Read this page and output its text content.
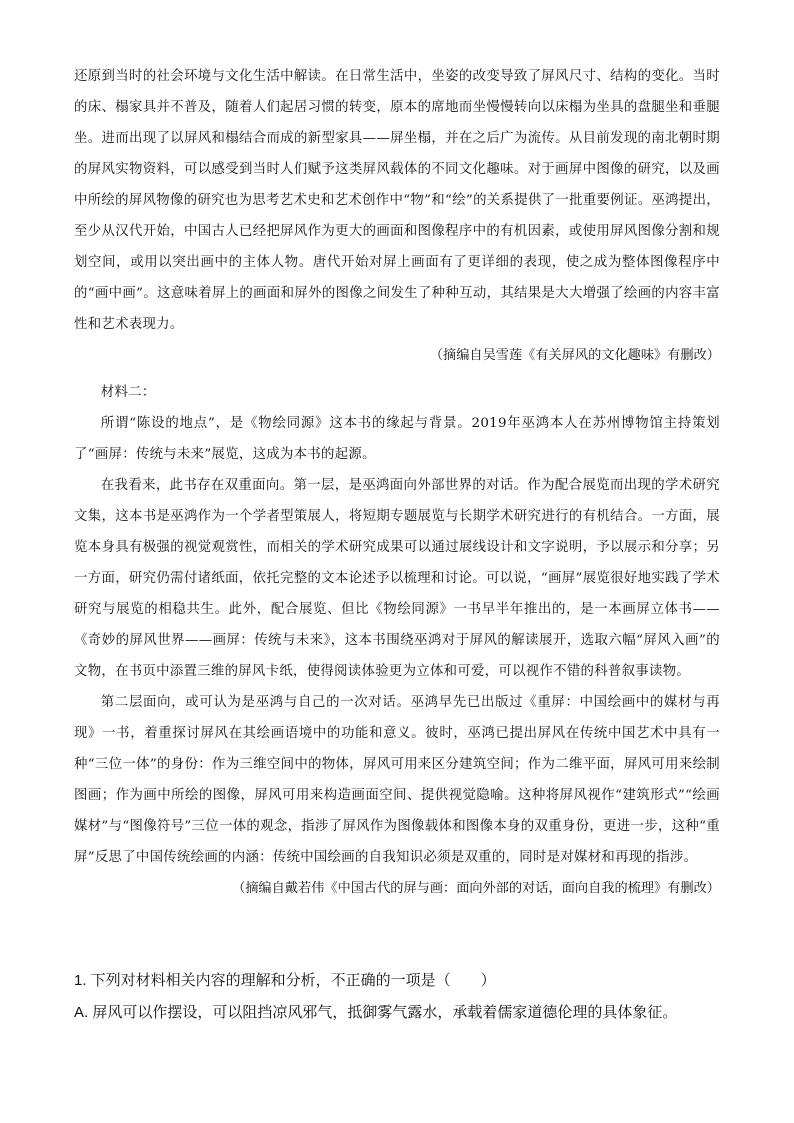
还原到当时的社会环境与文化生活中解读。在日常生活中，坐姿的改变导致了屏风尺寸、结构的变化。当时的床、榻家具并不普及，随着人们起居习惯的转变，原本的席地而坐慢慢转向以床榻为坐具的盘腿坐和垂腿坐。进而出现了以屏风和榻结合而成的新型家具——屏坐榻，并在之后广为流传。从目前发现的南北朝时期的屏风实物资料，可以感受到当时人们赋予这类屏风载体的不同文化趣味。对于画屏中图像的研究，以及画中所绘的屏风物像的研究也为思考艺术史和艺术创作中“物”和“绘”的关系提供了一批重要例证。巫鸿提出，至少从汉代开始，中国古人已经把屏风作为更大的画面和图像程序中的有机因素，或使用屏风图像分割和规划空间，或用以突出画中的主体人物。唐代开始对屏上画面有了更详细的表现，使之成为整体图像程序中的“画中画”。这意味着屏上的画面和屏外的图像之间发生了种种互动，其结果是大大增强了绘画的内容丰富性和艺术表现力。

（摘编自吴雪莲《有关屏风的文化趣味》有删改）

材料二：

所谓“陈设的地点”，是《物绘同源》这本书的缘起与背景。2019年巫鸿本人在苏州博物馆主持策划了“画屏：传统与未来”展览，这成为本书的起源。

在我看来，此书存在双重面向。第一层，是巫鸿面向外部世界的对话。作为配合展览而出现的学术研究文集，这本书是巫鸿作为一个学者型策展人，将短期专题展览与长期学术研究进行的有机结合。一方面，展览本身具有极强的视觉观赏性，而相关的学术研究成果可以通过展线设计和文字说明，予以展示和分享；另一方面，研究仍需付诸纸面，依托完整的文本论述予以梳理和讨论。可以说，“画屏”展览很好地实践了学术研究与展览的相稳共生。此外，配合展览、但比《物绘同源》一书早半年推出的，是一本画屏立体书——《奇妙的屏风世界——画屏：传统与未来》，这本书围绕巫鸿对于屏风的解读展开，选取六幅“屏风入画”的文物，在书页中添置三维的屏风卡纸，使得阅读体验更为立体和可爱，可以视作不错的科普叙事读物。

第二层面向，或可认为是巫鸿与自己的一次对话。巫鸿早先已出版过《重屏：中国绘画中的媒材与再现》一书，着重探讨屏风在其绘画语境中的功能和意义。彼时，巫鸿已提出屏风在传统中国艺术中具有一种“三位一体”的身份：作为三维空间中的物体，屏风可用来区分建筑空间；作为二维平面，屏风可用来绘制图画；作为画中所绘的图像，屏风可用来构造画面空间、提供视觉隐喻。这种将屏风视作“建筑形式”“绘画媒材”与“图像符号”三位一体的观念，指涉了屏风作为图像载体和图像本身的双重身份，更进一步，这种“重屏”反思了中国传统绘画的内涵：传统中国绘画的自我知识必须是双重的，同时是对媒材和再现的指涉。

（摘编自戴若伟《中国古代的屏与画：面向外部的对话，面向自我的梳理》有删改）

1. 下列对材料相关内容的理解和分析，不正确的一项是（　　）

A. 屏风可以作摆设，可以阻挡凉风邪气，抵御雾气露水，承载着儒家道德伦理的具体象征。
